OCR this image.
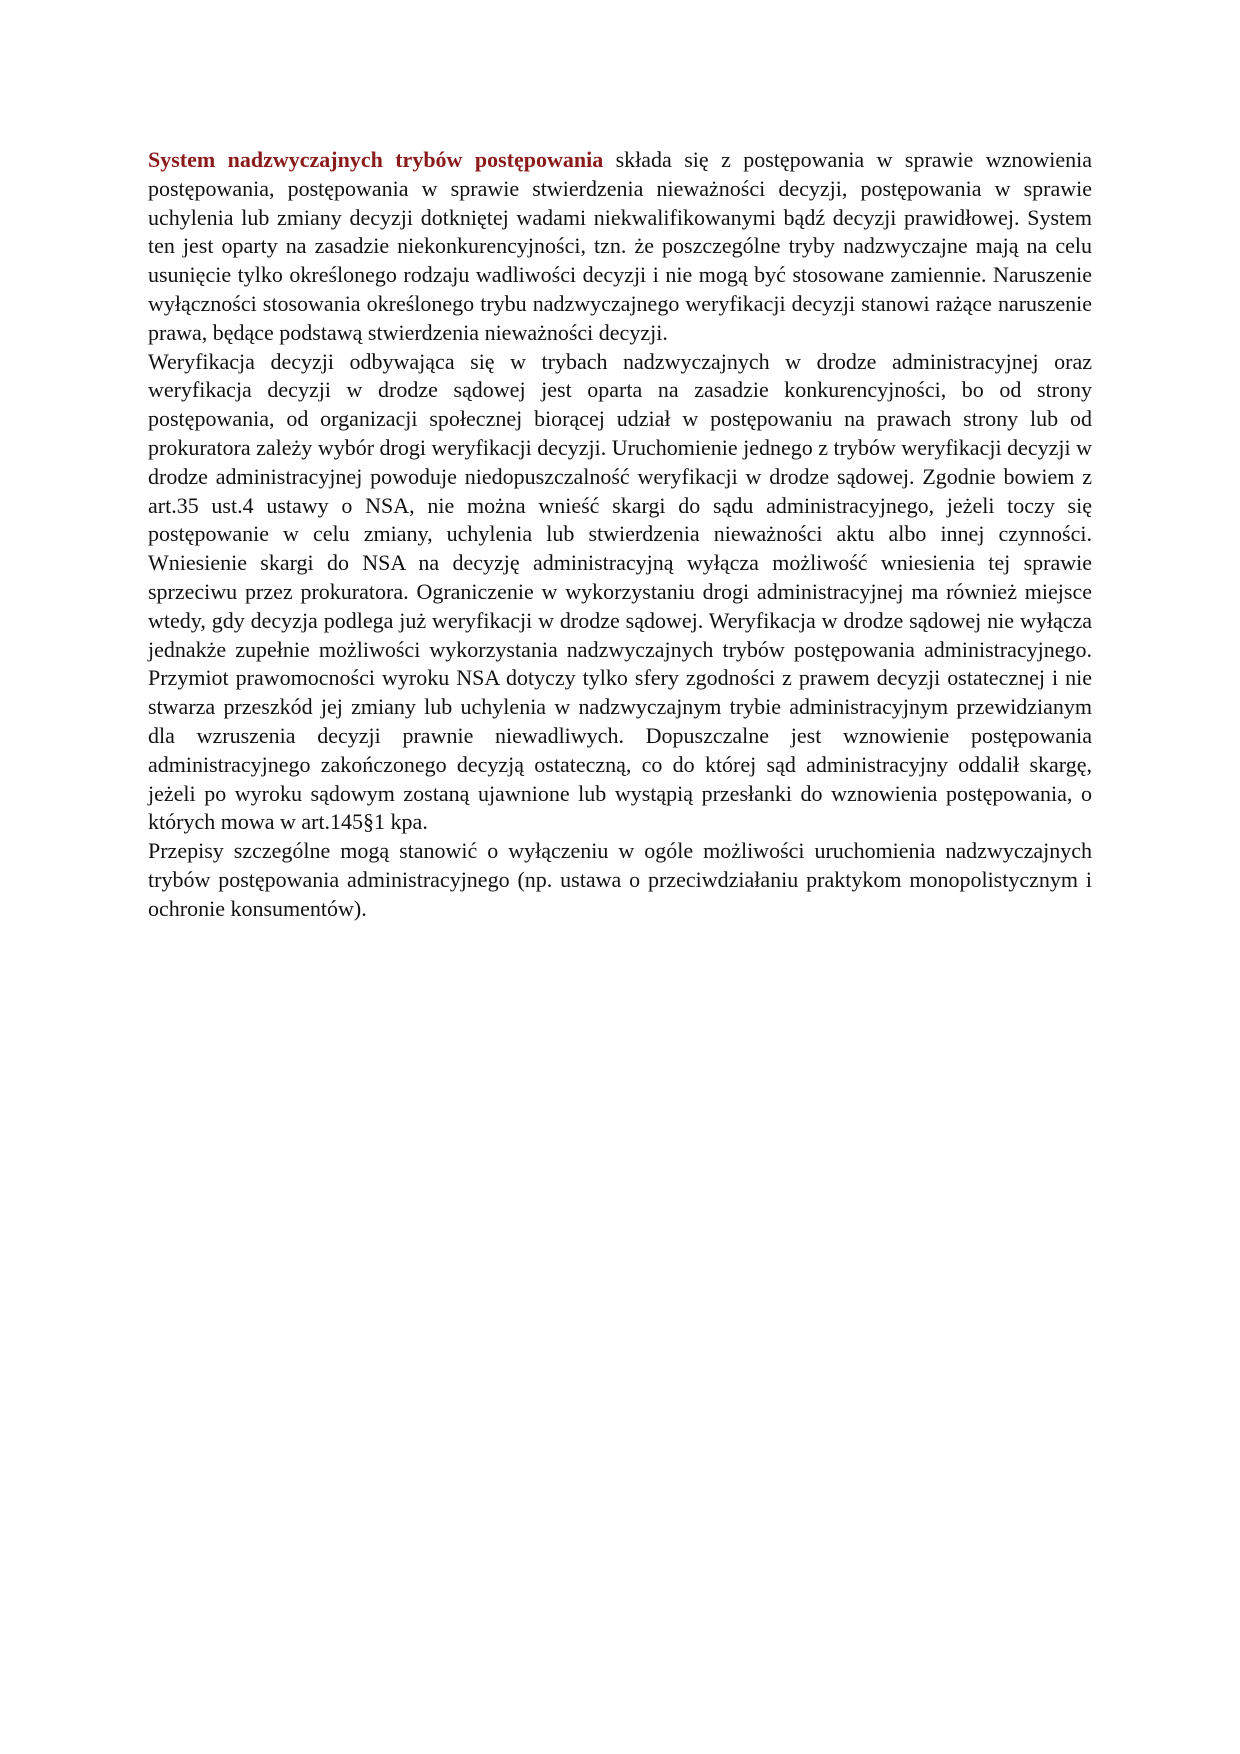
System nadzwyczajnych trybów postępowania składa się z postępowania w sprawie wznowienia postępowania, postępowania w sprawie stwierdzenia nieważności decyzji, postępowania w sprawie uchylenia lub zmiany decyzji dotkniętej wadami niekwalifikowanymi bądź decyzji prawidłowej. System ten jest oparty na zasadzie niekonkurencyjności, tzn. że poszczególne tryby nadzwyczajne mają na celu usunięcie tylko określonego rodzaju wadliwości decyzji i nie mogą być stosowane zamiennie. Naruszenie wyłączności stosowania określonego trybu nadzwyczajnego weryfikacji decyzji stanowi rażące naruszenie prawa, będące podstawą stwierdzenia nieważności decyzji.

Weryfikacja decyzji odbywająca się w trybach nadzwyczajnych w drodze administracyjnej oraz weryfikacja decyzji w drodze sądowej jest oparta na zasadzie konkurencyjności, bo od strony postępowania, od organizacji społecznej biorącej udział w postępowaniu na prawach strony lub od prokuratora zależy wybór drogi weryfikacji decyzji. Uruchomienie jednego z trybów weryfikacji decyzji w drodze administracyjnej powoduje niedopuszczalność weryfikacji w drodze sądowej. Zgodnie bowiem z art.35 ust.4 ustawy o NSA, nie można wnieść skargi do sądu administracyjnego, jeżeli toczy się postępowanie w celu zmiany, uchylenia lub stwierdzenia nieważności aktu albo innej czynności. Wniesienie skargi do NSA na decyzję administracyjną wyłącza możliwość wniesienia tej sprawie sprzeciwu przez prokuratora. Ograniczenie w wykorzystaniu drogi administracyjnej ma również miejsce wtedy, gdy decyzja podlega już weryfikacji w drodze sądowej. Weryfikacja w drodze sądowej nie wyłącza jednakże zupełnie możliwości wykorzystania nadzwyczajnych trybów postępowania administracyjnego. Przymiot prawomocności wyroku NSA dotyczy tylko sfery zgodności z prawem decyzji ostatecznej i nie stwarza przeszkód jej zmiany lub uchylenia w nadzwyczajnym trybie administracyjnym przewidzianym dla wzruszenia decyzji prawnie niewadliwych. Dopuszczalne jest wznowienie postępowania administracyjnego zakończonego decyzją ostateczną, co do której sąd administracyjny oddalił skargę, jeżeli po wyroku sądowym zostaną ujawnione lub wystąpią przesłanki do wznowienia postępowania, o których mowa w art.145§1 kpa.

Przepisy szczególne mogą stanowić o wyłączeniu w ogóle możliwości uruchomienia nadzwyczajnych trybów postępowania administracyjnego (np. ustawa o przeciwdziałaniu praktykom monopolistycznym i ochronie konsumentów).
